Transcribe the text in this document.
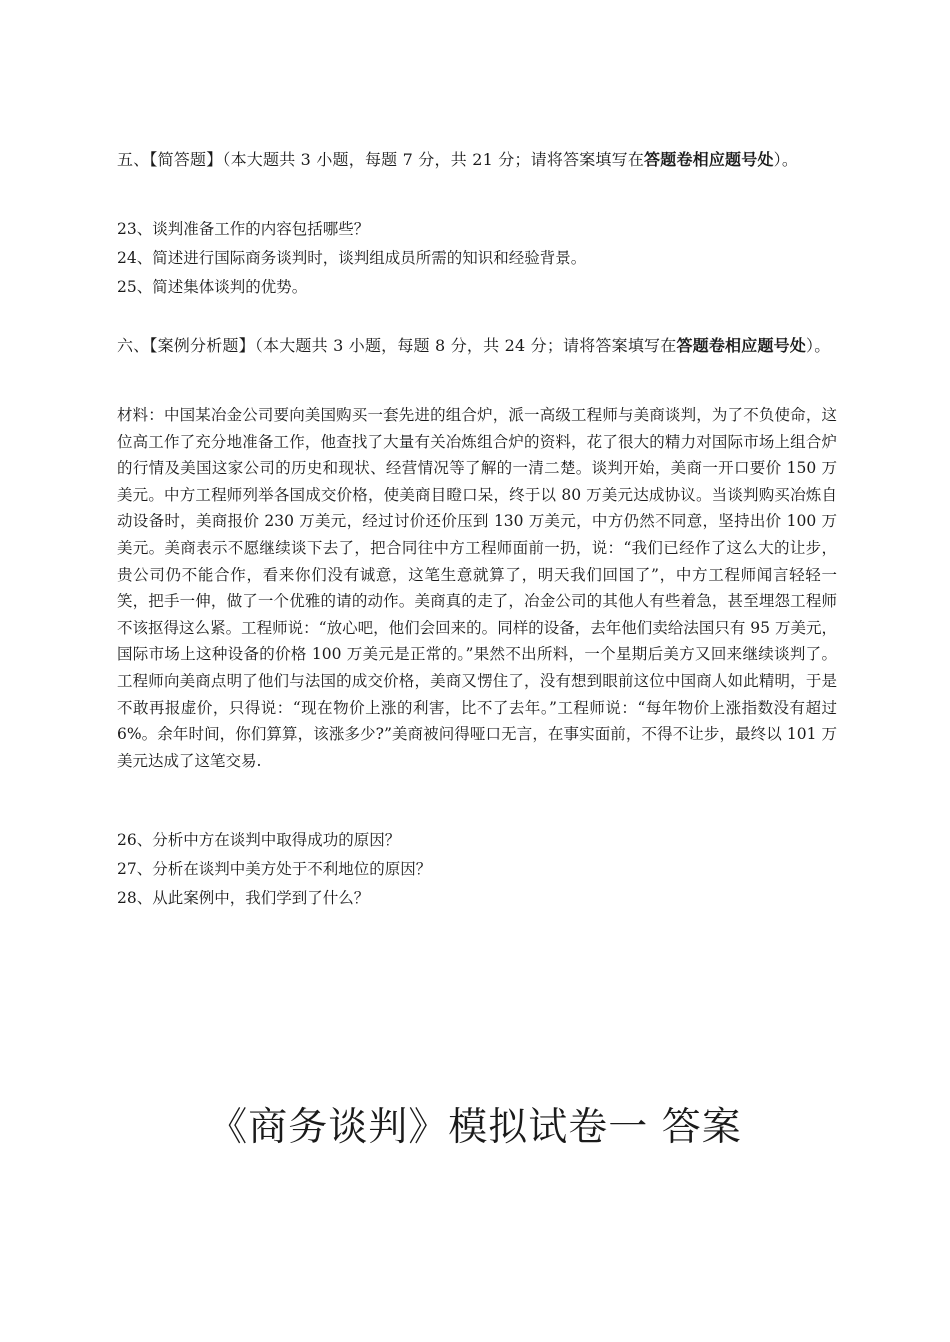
五、【简答题】（本大题共 3 小题，每题 7 分，共 21 分；请将答案填写在答题卷相应题号处）。
23、谈判准备工作的内容包括哪些？
24、简述进行国际商务谈判时，谈判组成员所需的知识和经验背景。
25、简述集体谈判的优势。
六、【案例分析题】（本大题共 3 小题，每题 8 分，共 24 分；请将答案填写在答题卷相应题号处）。
材料：中国某冶金公司要向美国购买一套先进的组合炉，派一高级工程师与美商谈判，为了不负使命，这位高工作了充分地准备工作，他查找了大量有关冶炼组合炉的资料，花了很大的精力对国际市场上组合炉的行情及美国这家公司的历史和现状、经营情况等了解的一清二楚。谈判开始，美商一开口要价 150 万美元。中方工程师列举各国成交价格，使美商目瞪口呆，终于以 80 万美元达成协议。当谈判购买冶炼自动设备时，美商报价 230 万美元，经过讨价还价压到 130 万美元，中方仍然不同意，坚持出价 100 万美元。美商表示不愿继续谈下去了，把合同往中方工程师面前一扔，说：“我们已经作了这么大的让步，贵公司仍不能合作，看来你们没有诚意，这笔生意就算了，明天我们回国了”，中方工程师闻言轻轻一笑，把手一伸，做了一个优雅的请的动作。美商真的走了，冶金公司的其他人有些着急，甚至埋怨工程师不该抠得这么紧。工程师说：“放心吧，他们会回来的。同样的设备，去年他们卖给法国只有 95 万美元，国际市场上这种设备的价格 100 万美元是正常的。”果然不出所料，一个星期后美方又回来继续谈判了。工程师向美商点明了他们与法国的成交价格，美商又愣住了，没有想到眼前这位中国商人如此精明，于是不敢再报虚价，只得说：“现在物价上涨的利害，比不了去年。”工程师说：“每年物价上涨指数没有超过 6%。余年时间，你们算算，该涨多少?”美商被问得哑口无言，在事实面前，不得不让步，最终以 101 万美元达成了这笔交易.
26、分析中方在谈判中取得成功的原因？
27、分析在谈判中美方处于不利地位的原因？
28、从此案例中，我们学到了什么？
《商务谈判》模拟试卷一 答案
